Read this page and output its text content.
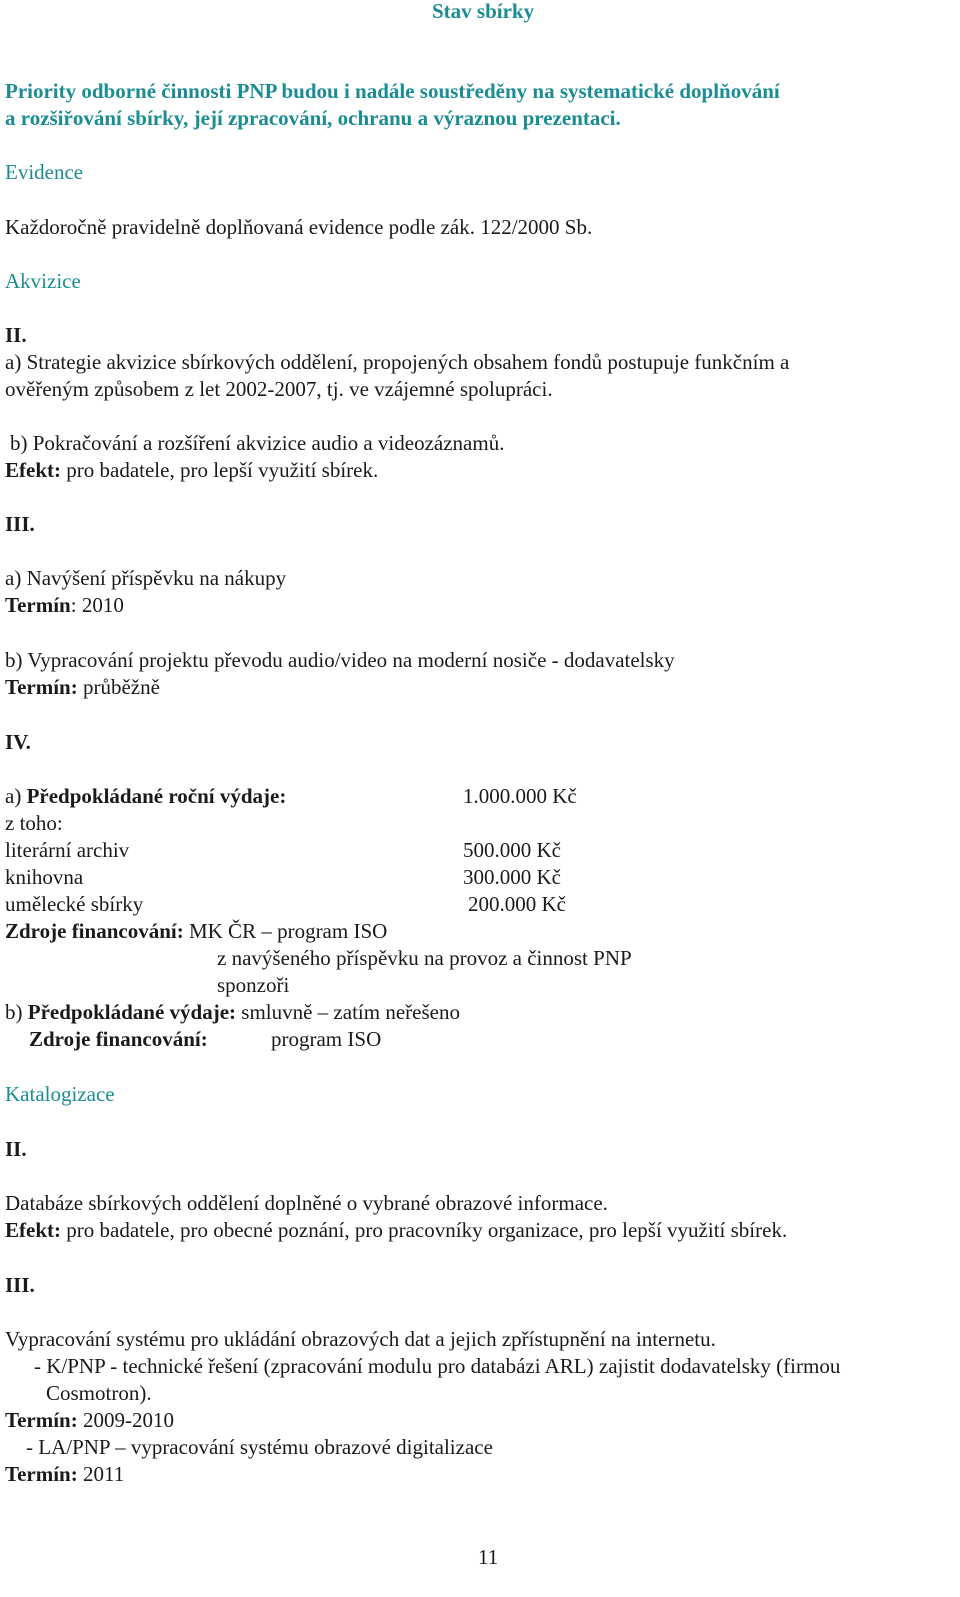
Stav sbírky
Priority odborné činnosti PNP budou i nadále soustředěny na systematické doplňování
a rozšiřování sbírky, její zpracování, ochranu a výraznou prezentaci.
Evidence
Každoročně pravidelně doplňovaná evidence podle zák. 122/2000 Sb.
Akvizice
II.
a) Strategie akvizice sbírkových oddělení, propojených obsahem fondů postupuje funkčním a
ověřeným způsobem z let 2002-2007, tj. ve vzájemné spolupráci.
b) Pokračování a rozšíření akvizice audio a videozáznamů.
Efekt: pro badatele, pro lepší využití sbírek.
III.
a) Navýšení příspěvku na nákupy
Termín: 2010
b) Vypracování projektu převodu audio/video na moderní nosiče - dodavatelsky
Termín: průběžně
IV.
a) Předpokládané roční výdaje:	1.000.000 Kč
z toho:
literární archiv	500.000 Kč
knihovna	300.000 Kč
umělecké sbírky	200.000 Kč
Zdroje financování: MK ČR – program ISO
z navýšeného příspěvku na provoz a činnost PNP
sponzoři
b) Předpokládané výdaje: smluvně – zatím neřešeno
Zdroje financování:	program ISO
Katalogizace
II.
Databáze sbírkových oddělení doplněné o vybrané obrazové informace.
Efekt: pro badatele, pro obecné poznání, pro pracovníky organizace, pro lepší využití sbírek.
III.
Vypracování systému pro ukládání obrazových dat a jejich zpřístupnění na internetu.
- K/PNP - technické řešení (zpracování modulu pro databázi ARL) zajistit dodavatelsky (firmou
Cosmotron).
Termín: 2009-2010
- LA/PNP – vypracování systému obrazové digitalizace
Termín: 2011
11
